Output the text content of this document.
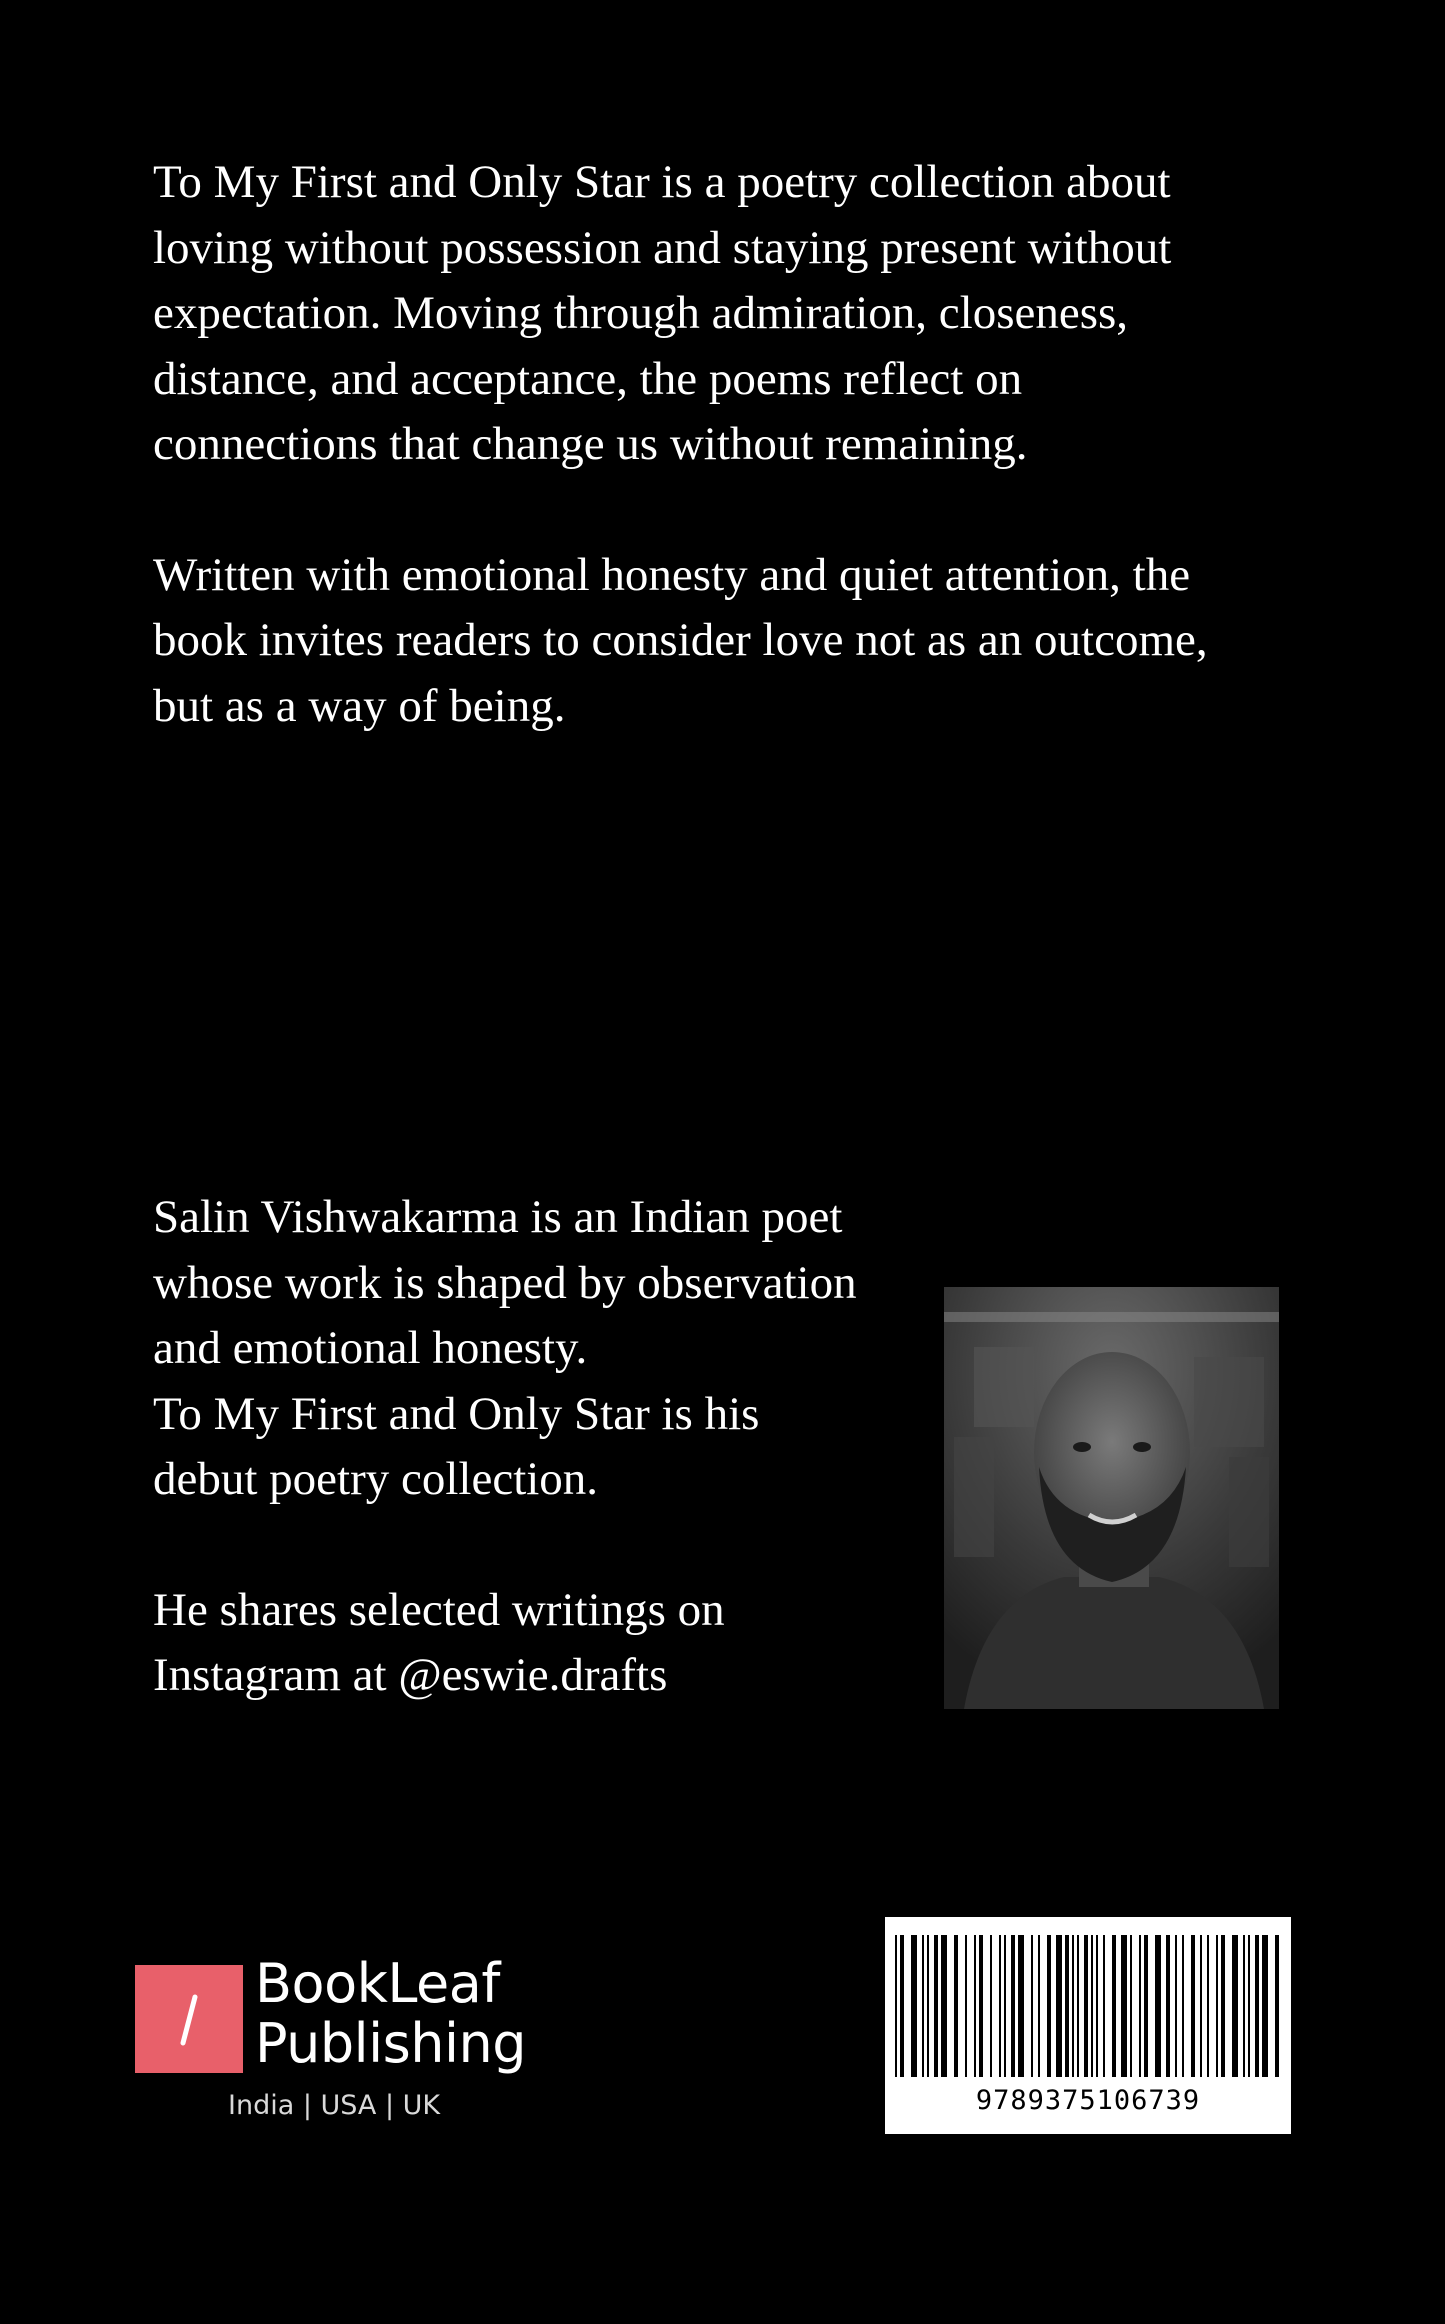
To My First and Only Star is a poetry collection about
loving without possession and staying present without
expectation. Moving through admiration, closeness,
distance, and acceptance, the poems reflect on
connections that change us without remaining.

Written with emotional honesty and quiet attention, the
book invites readers to consider love not as an outcome,
but as a way of being.

Salin Vishwakarma is an Indian poet
whose work is shaped by observation
and emotional honesty.
To My First and Only Star is his
debut poetry collection.

He shares selected writings on
Instagram at @eswie.drafts

BookLeaf
Publishing
India | USA | UK	9789375106739
